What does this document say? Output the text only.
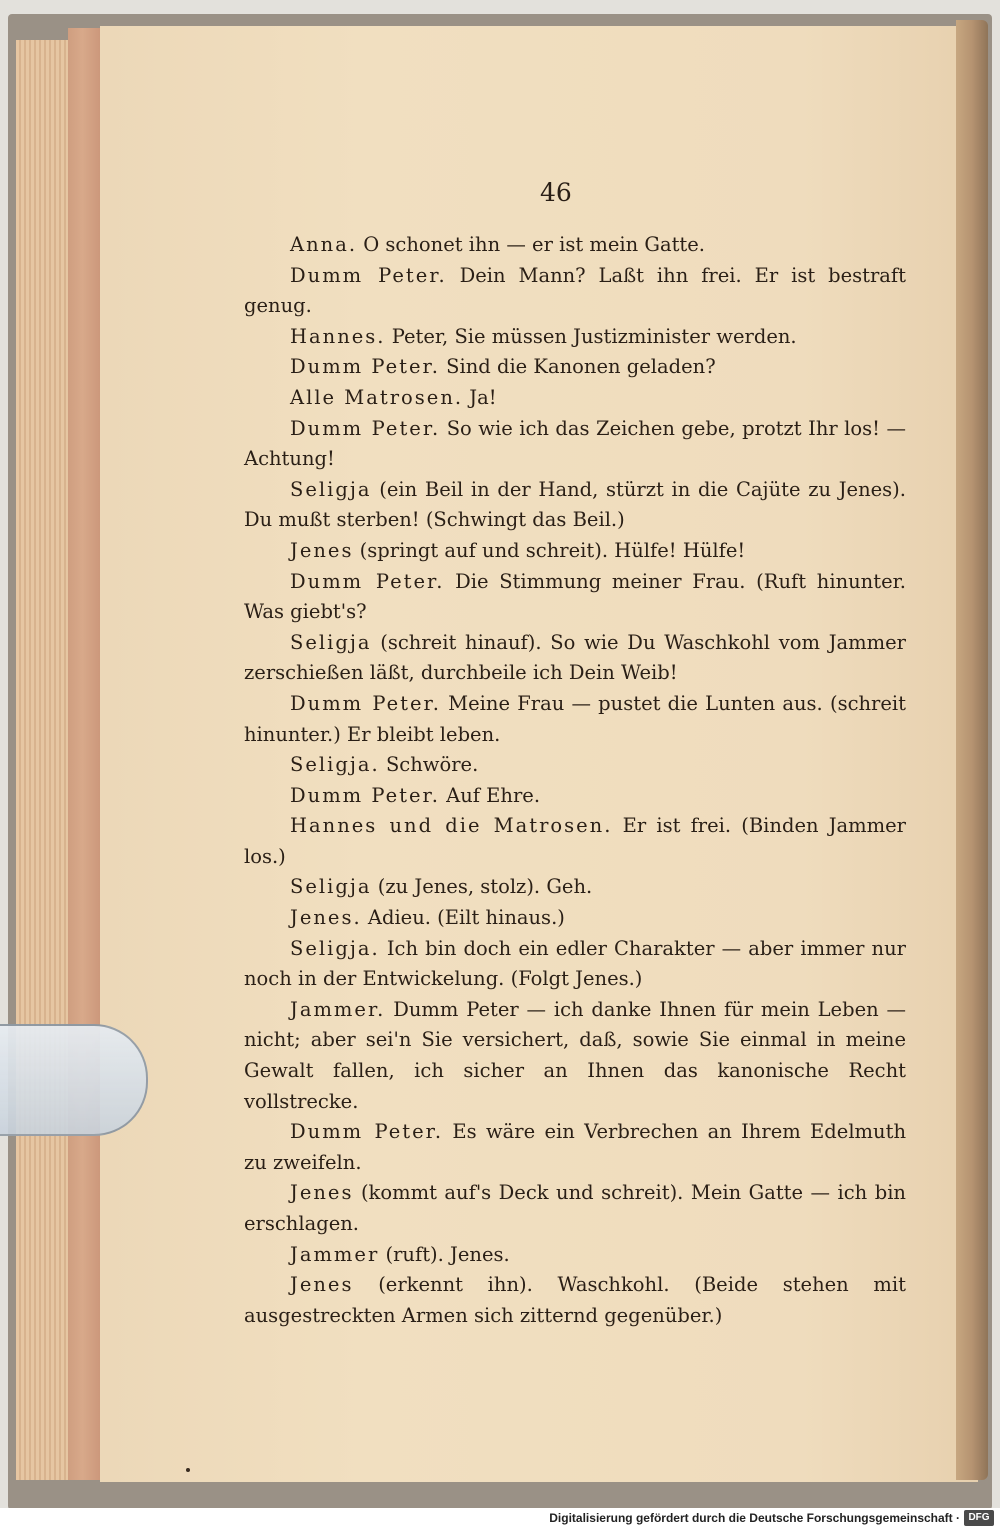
46

Anna. O schonet ihn — er ist mein Gatte.

Dumm Peter. Dein Mann? Laßt ihn frei. Er ist bestraft genug.

Hannes. Peter, Sie müssen Justizminister werden.

Dumm Peter. Sind die Kanonen geladen?

Alle Matrosen. Ja!

Dumm Peter. So wie ich das Zeichen gebe, protzt Ihr los! — Achtung!

Seligja (ein Beil in der Hand, stürzt in die Cajüte zu Jenes). Du mußt sterben! (Schwingt das Beil.)

Jenes (springt auf und schreit). Hülfe! Hülfe!

Dumm Peter. Die Stimmung meiner Frau. (Ruft hinunter. Was giebt's?

Seligja (schreit hinauf). So wie Du Waschkohl vom Jammer zerschießen läßt, durchbeile ich Dein Weib!

Dumm Peter. Meine Frau — pustet die Lunten aus. (schreit hinunter.) Er bleibt leben.

Seligja. Schwöre.

Dumm Peter. Auf Ehre.

Hannes und die Matrosen. Er ist frei. (Binden Jammer los.)

Seligja (zu Jenes, stolz). Geh.

Jenes. Adieu. (Eilt hinaus.)

Seligja. Ich bin doch ein edler Charakter — aber immer nur noch in der Entwickelung. (Folgt Jenes.)

Jammer. Dumm Peter — ich danke Ihnen für mein Leben — nicht; aber sei'n Sie versichert, daß, sowie Sie einmal in meine Gewalt fallen, ich sicher an Ihnen das kanonische Recht vollstrecke.

Dumm Peter. Es wäre ein Verbrechen an Ihrem Edelmuth zu zweifeln.

Jenes (kommt auf's Deck und schreit). Mein Gatte — ich bin erschlagen.

Jammer (ruft). Jenes.

Jenes (erkennt ihn). Waschkohl. (Beide stehen mit ausgestreckten Armen sich zitternd gegenüber.)

Digitalisierung gefördert durch die Deutsche Forschungsgemeinschaft · DFG
